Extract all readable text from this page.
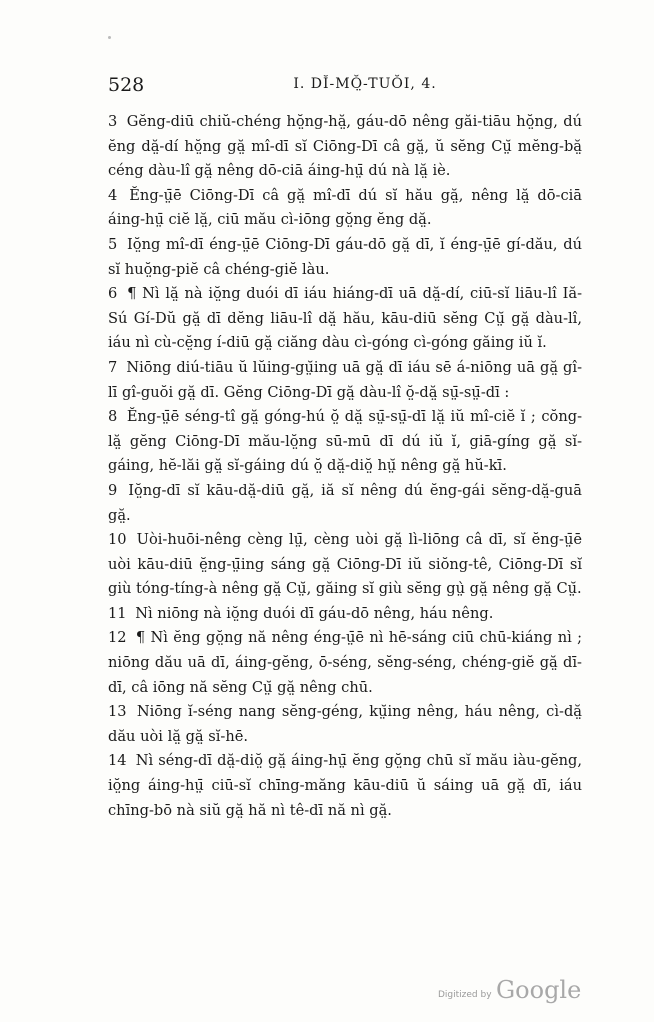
528	I. DĬ-MŎ̤-TUŎI, 4.

3 Gĕng-diū chiŭ-chéng hŏ̤ng-hă̤, gáu-dō nêng găi-tiāu hŏ̤ng, dú ĕng dă̤-dí hŏ̤ng gă̤ mî-dī sĭ Ciōng-Dī câ gă̤, ŭ sĕng Cṳ̆ mĕng-bă̤ céng dàu-lî gă̤ nêng dō-ciā áing-hṳ̄ dú nà lă̤ iè.

4 Ĕng-ṳ̄ē Ciōng-Dī câ gă̤ mî-dī dú sĭ hău gă̤, nêng lă̤ dō-ciā áing-hṳ̄ ciĕ lă̤, ciū mău cì-iōng gŏ̤ng ĕng dă̤.

5 Iŏ̤ng mî-dī éng-ṳ̄ē Ciōng-Dī gáu-dō gă̤ dī, ĭ éng-ṳ̄ē gí-dău, dú sĭ huŏ̤ng-piĕ câ chéng-giĕ làu.

6 ¶ Nì lă̤ nà iŏ̤ng duói dī iáu hiáng-dī uā dă̤-dí, ciū-sĭ liāu-lî Iă-Sú Gí-Dŭ gă̤ dī dĕng liāu-lî dă̤ hău, kāu-diū sĕng Cṳ̆ gă̤ dàu-lî, iáu nì cù-cĕ̤ng í-diū gă̤ ciăng dàu cì-góng cì-góng găing iŭ ĭ.

7 Niōng diú-tiāu ŭ lŭing-gṳ̆ing uā gă̤ dī iáu sē á-niōng uā gă̤ gî-lī gî-guŏi gă̤ dī. Gĕng Ciōng-Dī gă̤ dàu-lî ŏ̤-dă̤ sṳ̄-sṳ̄-dī :

8 Ĕng-ṳ̄ē séng-tî gă̤ góng-hú ŏ̤ dă̤ sṳ̄-sṳ̄-dī lă̤ iŭ mî-ciĕ ĭ ; cŏng-lă̤ gĕng Ciōng-Dī mău-lŏ̤ng sū-mū dī dú iŭ ĭ, giā-gíng gă̤ sĭ-gáing, hĕ-lăi gă̤ sĭ-gáing dú ŏ̤ dă̤-diŏ̤ hṳ̆ nêng gă̤ hŭ-kī.

9 Iŏ̤ng-dī sĭ kāu-dă̤-diū gă̤, iă sĭ nêng dú ĕng-gái sĕng-dă̤-guā gă̤.

10 Uòi-huōi-nêng cèng lṳ̄, cèng uòi gă̤ lì-liōng câ dī, sĭ ĕng-ṳ̄ē uòi kāu-diū ĕ̤ng-ṳ̄ing sáng gă̤ Ciōng-Dī iŭ siŏng-tê, Ciōng-Dī sĭ giù tóng-tíng-à nêng gă̤ Cṳ̆, găing sĭ giù sĕng gṳ̀ gă̤ nêng gă̤ Cṳ̆.

11 Nì niōng nà iŏ̤ng duói dī gáu-dō nêng, háu nêng.

12 ¶ Nì ĕng gŏ̤ng nă nêng éng-ṳ̄ē nì hē-sáng ciū chū-kiáng nì ; niōng dău uā dī, áing-gĕng, ō-séng, sĕng-séng, chéng-giĕ gă̤ dī-dī, câ iōng nă sĕng Cṳ̆ gă̤ nêng chū.

13 Niōng ĭ-séng nang sĕng-géng, kṳ̆ing nêng, háu nêng, cì-dă̤ dău uòi lă̤ gă̤ sĭ-hē.

14 Nì séng-dī dă̤-diŏ̤ gă̤ áing-hṳ̄ ĕng gŏ̤ng chū sĭ mău iàu-gĕng, iŏ̤ng áing-hṳ̄ ciū-sĭ chīng-măng kāu-diū ŭ sáing uā gă̤ dī, iáu chīng-bō nà siŭ gă̤ hă nì tê-dī nă nì gă̤.

Digitized by Google
